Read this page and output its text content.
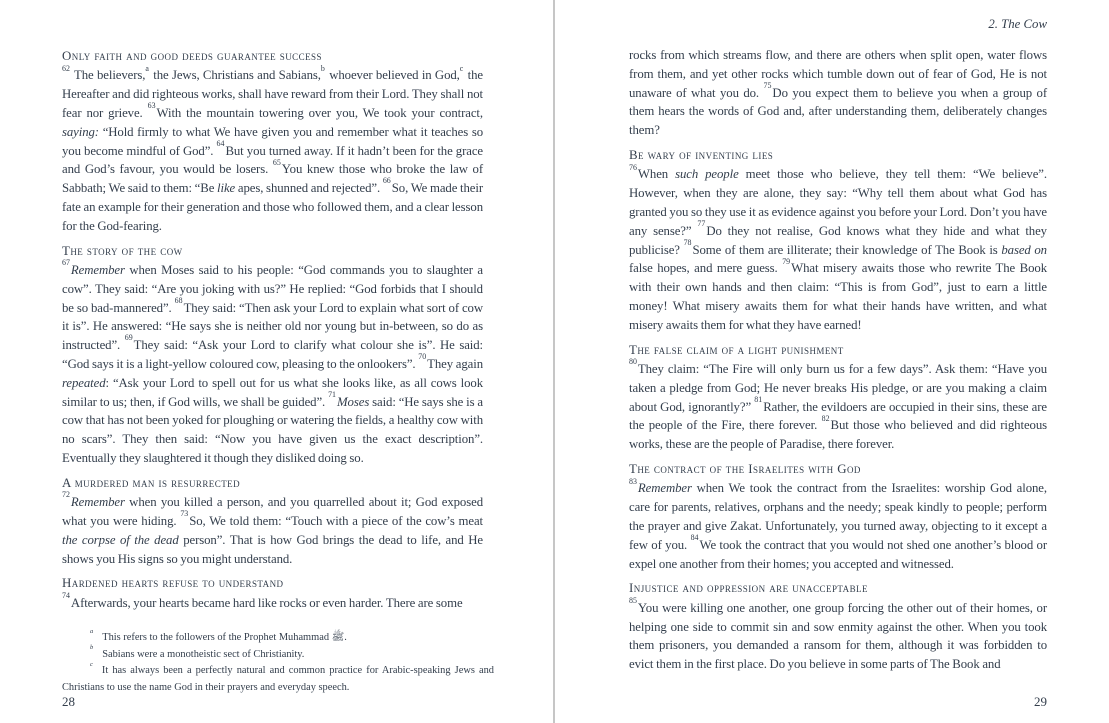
Only faith and good deeds guarantee success

$^{62}$ The believers,$^a$ the Jews, Christians and Sabians,$^b$ whoever believed in God,$^c$ the Hereafter and did righteous works, shall have reward from their Lord. They shall not fear nor grieve. $^{63}$With the mountain towering over you, We took your contract, saying: “Hold firmly to what We have given you and remember what it teaches so you become mindful of God”. $^{64}$But you turned away. If it hadn’t been for the grace and God’s favour, you would be losers. $^{65}$You knew those who broke the law of Sabbath; We said to them: “Be like apes, shunned and rejected”. $^{66}$So, We made their fate an example for their generation and those who followed them, and a clear lesson for the God-fearing.

The story of the cow

$^{67}$Remember when Moses said to his people: “God commands you to slaughter a cow”. They said: “Are you joking with us?” He replied: “God forbids that I should be so bad-mannered”. $^{68}$They said: “Then ask your Lord to explain what sort of cow it is”. He answered: “He says she is neither old nor young but in-between, so do as instructed”. $^{69}$They said: “Ask your Lord to clarify what colour she is”. He said: “God says it is a light-yellow coloured cow, pleasing to the onlookers”. $^{70}$They again repeated: “Ask your Lord to spell out for us what she looks like, as all cows look similar to us; then, if God wills, we shall be guided”. $^{71}$Moses said: “He says she is a cow that has not been yoked for ploughing or watering the fields, a healthy cow with no scars”. They then said: “Now you have given us the exact description”. Eventually they slaughtered it though they disliked doing so.

A murdered man is resurrected

$^{72}$Remember when you killed a person, and you quarrelled about it; God exposed what you were hiding. $^{73}$So, We told them: “Touch with a piece of the cow’s meat the corpse of the dead person”. That is how God brings the dead to life, and He shows you His signs so you might understand.

Hardened hearts refuse to understand

$^{74}$Afterwards, your hearts became hard like rocks or even harder. There are some

$^a$This refers to the followers of the Prophet Muhammad ﷺ.

$^b$Sabians were a monotheistic sect of Christianity.

$^c$It has always been a perfectly natural and common practice for Arabic-speaking Jews and Christians to use the name God in their prayers and everyday speech.

28
2. The Cow

rocks from which streams flow, and there are others when split open, water flows from them, and yet other rocks which tumble down out of fear of God, He is not unaware of what you do. $^{75}$Do you expect them to believe you when a group of them hears the words of God and, after understanding them, deliberately changes them?

Be wary of inventing lies

$^{76}$When such people meet those who believe, they tell them: “We believe”. However, when they are alone, they say: “Why tell them about what God has granted you so they use it as evidence against you before your Lord. Don’t you have any sense?” $^{77}$Do they not realise, God knows what they hide and what they publicise? $^{78}$Some of them are illiterate; their knowledge of The Book is based on false hopes, and mere guess. $^{79}$What misery awaits those who rewrite The Book with their own hands and then claim: “This is from God”, just to earn a little money! What misery awaits them for what their hands have written, and what misery awaits them for what they have earned!

The false claim of a light punishment

$^{80}$They claim: “The Fire will only burn us for a few days”. Ask them: “Have you taken a pledge from God; He never breaks His pledge, or are you making a claim about God, ignorantly?” $^{81}$Rather, the evildoers are occupied in their sins, these are the people of the Fire, there forever. $^{82}$But those who believed and did righteous works, these are the people of Paradise, there forever.

The contract of the Israelites with God

$^{83}$Remember when We took the contract from the Israelites: worship God alone, care for parents, relatives, orphans and the needy; speak kindly to people; perform the prayer and give Zakat. Unfortunately, you turned away, objecting to it except a few of you. $^{84}$We took the contract that you would not shed one another’s blood or expel one another from their homes; you accepted and witnessed.

Injustice and oppression are unacceptable

$^{85}$You were killing one another, one group forcing the other out of their homes, or helping one side to commit sin and sow enmity against the other. When you took them prisoners, you demanded a ransom for them, although it was forbidden to evict them in the first place. Do you believe in some parts of The Book and

29
